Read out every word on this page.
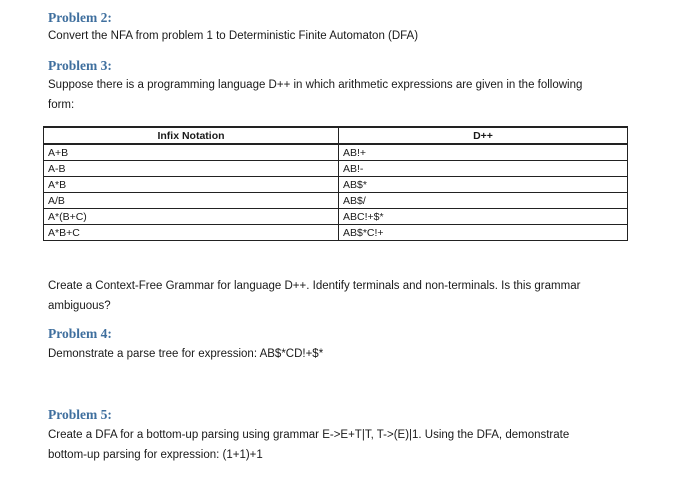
Problem 2:
Convert the NFA from problem 1 to Deterministic Finite Automaton (DFA)
Problem 3:
Suppose there is a programming language D++ in which arithmetic expressions are given in the following
form:
Infix Notation	D++
A+B	AB!+
A-B	AB!-
A*B	AB$*
A/B	AB$/
A*(B+C)	ABC!+$*
A*B+C	AB$*C!+
Create a Context-Free Grammar for language D++. Identify terminals and non-terminals. Is this grammar
ambiguous?
Problem 4:
Demonstrate a parse tree for expression: AB$*CD!+$*
Problem 5:
Create a DFA for a bottom-up parsing using grammar E->E+T|T, T->(E)|1. Using the DFA, demonstrate
bottom-up parsing for expression: (1+1)+1
